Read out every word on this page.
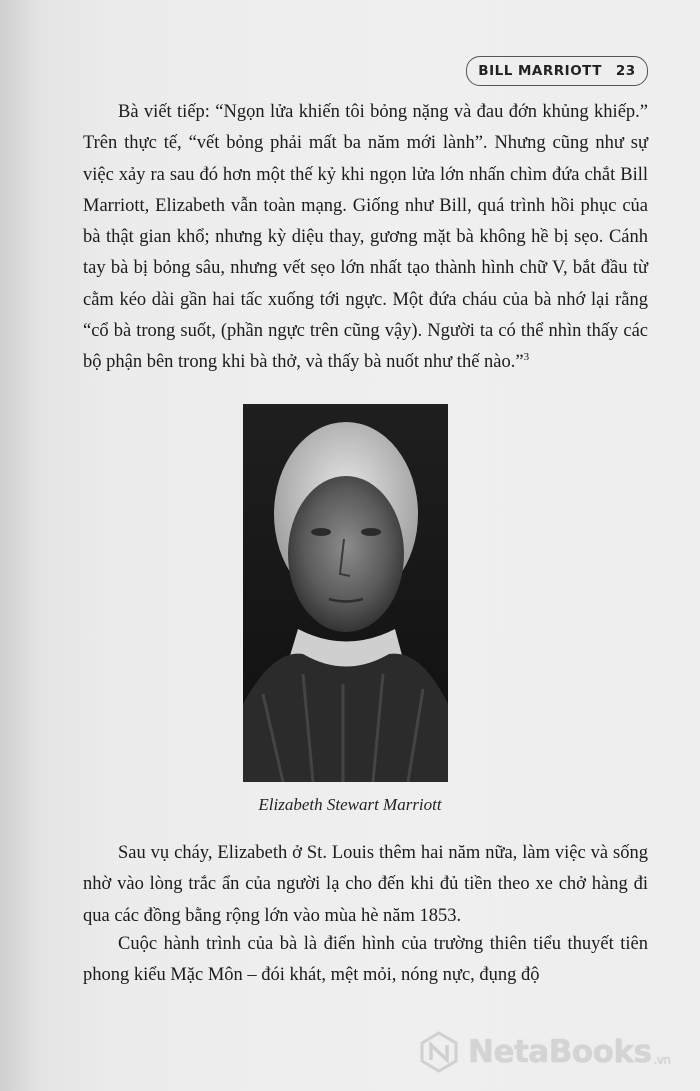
BILL MARRIOTT 23

Bà viết tiếp: “Ngọn lửa khiến tôi bỏng nặng và đau đớn khủng khiếp.” Trên thực tế, “vết bỏng phải mất ba năm mới lành”. Nhưng cũng như sự việc xảy ra sau đó hơn một thế kỷ khi ngọn lửa lớn nhấn chìm đứa chắt Bill Marriott, Elizabeth vẫn toàn mạng. Giống như Bill, quá trình hồi phục của bà thật gian khổ; nhưng kỳ diệu thay, gương mặt bà không hề bị sẹo. Cánh tay bà bị bỏng sâu, nhưng vết sẹo lớn nhất tạo thành hình chữ V, bắt đầu từ cằm kéo dài gần hai tấc xuống tới ngực. Một đứa cháu của bà nhớ lại rằng “cổ bà trong suốt, (phần ngực trên cũng vậy). Người ta có thể nhìn thấy các bộ phận bên trong khi bà thở, và thấy bà nuốt như thế nào.”$^3$

Elizabeth Stewart Marriott

Sau vụ cháy, Elizabeth ở St. Louis thêm hai năm nữa, làm việc và sống nhờ vào lòng trắc ẩn của người lạ cho đến khi đủ tiền theo xe chở hàng đi qua các đồng bằng rộng lớn vào mùa hè năm 1853.

Cuộc hành trình của bà là điển hình của trường thiên tiểu thuyết tiên phong kiểu Mặc Môn – đói khát, mệt mỏi, nóng nực, đụng độ

NetaBooks .vn
